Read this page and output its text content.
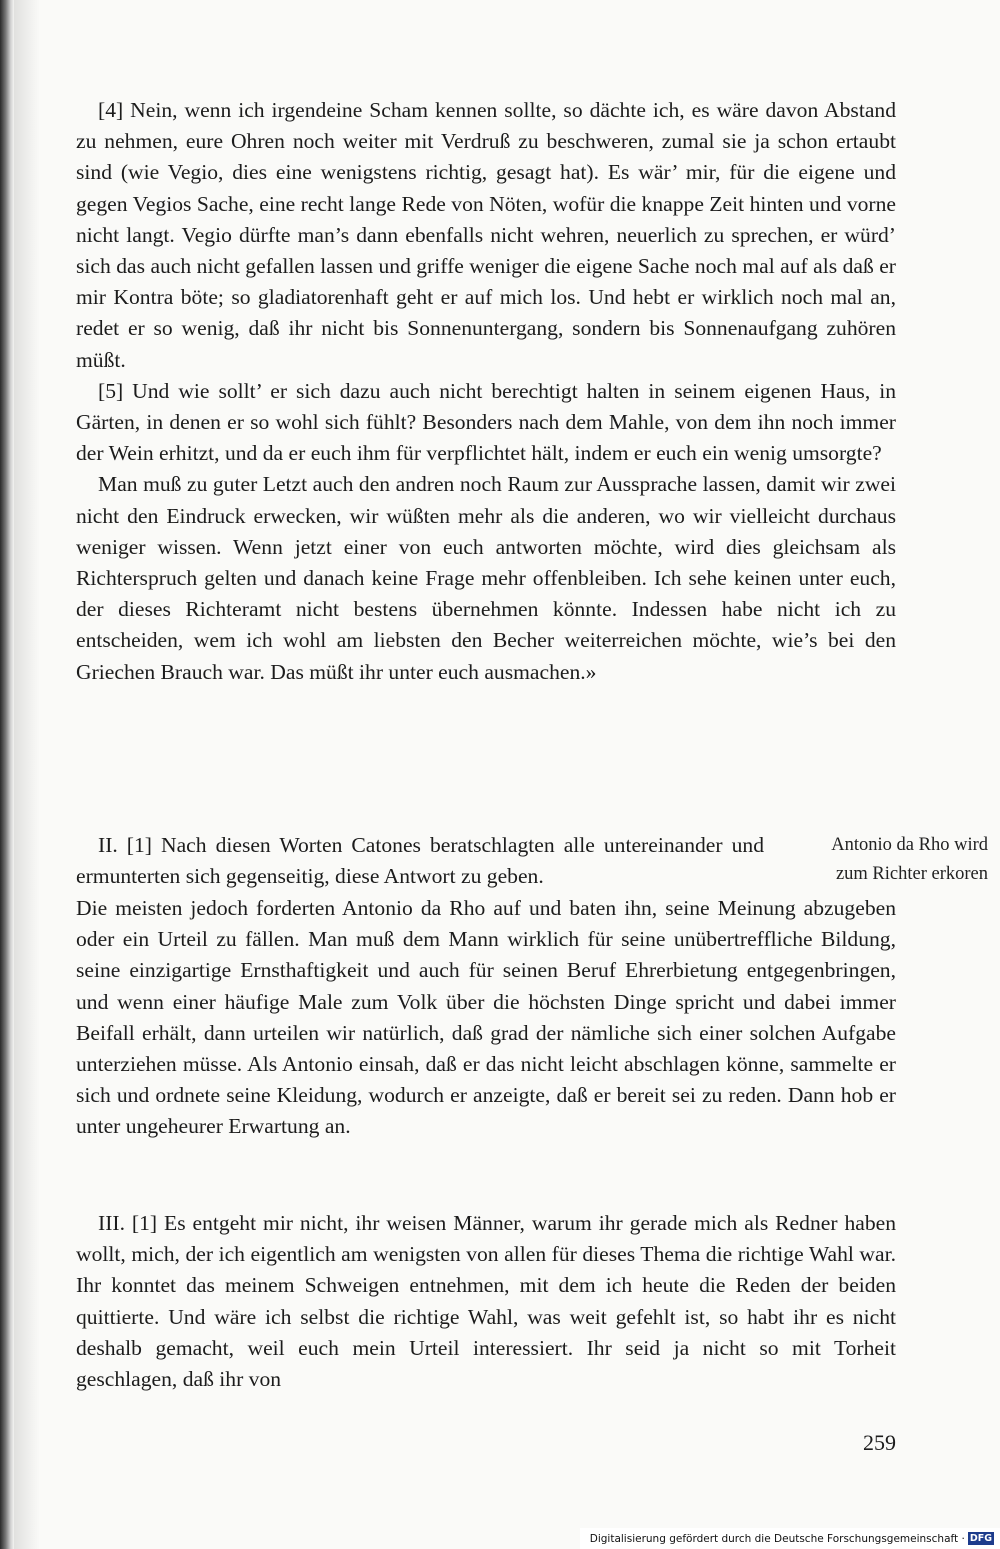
[4] Nein, wenn ich irgendeine Scham kennen sollte, so dächte ich, es wäre davon Abstand zu nehmen, eure Ohren noch weiter mit Verdruß zu beschweren, zumal sie ja schon ertaubt sind (wie Vegio, dies eine wenigstens richtig, gesagt hat). Es wär’ mir, für die eigene und gegen Vegios Sache, eine recht lange Rede von Nöten, wofür die knappe Zeit hinten und vorne nicht langt. Vegio dürfte man’s dann ebenfalls nicht wehren, neuerlich zu sprechen, er würd’ sich das auch nicht gefallen lassen und griffe weniger die eigene Sache noch mal auf als daß er mir Kontra böte; so gladiatorenhaft geht er auf mich los. Und hebt er wirklich noch mal an, redet er so wenig, daß ihr nicht bis Sonnenuntergang, sondern bis Sonnenaufgang zuhören müßt.

[5] Und wie sollt’ er sich dazu auch nicht berechtigt halten in seinem eigenen Haus, in Gärten, in denen er so wohl sich fühlt? Besonders nach dem Mahle, von dem ihn noch immer der Wein erhitzt, und da er euch ihm für verpflichtet hält, indem er euch ein wenig umsorgte?

Man muß zu guter Letzt auch den andren noch Raum zur Aussprache lassen, damit wir zwei nicht den Eindruck erwecken, wir wüßten mehr als die anderen, wo wir vielleicht durchaus weniger wissen. Wenn jetzt einer von euch antworten möchte, wird dies gleichsam als Richterspruch gelten und danach keine Frage mehr offenbleiben. Ich sehe keinen unter euch, der dieses Richteramt nicht bestens übernehmen könnte. Indessen habe nicht ich zu entscheiden, wem ich wohl am liebsten den Becher weiterreichen möchte, wie’s bei den Griechen Brauch war. Das müßt ihr unter euch ausmachen.»

II. [1] Nach diesen Worten Catones beratschlagten alle untereinander und ermunterten sich gegenseitig, diese Antwort zu geben.

Antonio da Rho wird
zum Richter erkoren

Die meisten jedoch forderten Antonio da Rho auf und baten ihn, seine Meinung abzugeben oder ein Urteil zu fällen. Man muß dem Mann wirklich für seine unübertreffliche Bildung, seine einzigartige Ernsthaftigkeit und auch für seinen Beruf Ehrerbietung entgegenbringen, und wenn einer häufige Male zum Volk über die höchsten Dinge spricht und dabei immer Beifall erhält, dann urteilen wir natürlich, daß grad der nämliche sich einer solchen Aufgabe unterziehen müsse. Als Antonio einsah, daß er das nicht leicht abschlagen könne, sammelte er sich und ordnete seine Kleidung, wodurch er anzeigte, daß er bereit sei zu reden. Dann hob er unter ungeheurer Erwartung an.

III. [1] Es entgeht mir nicht, ihr weisen Männer, warum ihr gerade mich als Redner haben wollt, mich, der ich eigentlich am wenigsten von allen für dieses Thema die richtige Wahl war. Ihr konntet das meinem Schweigen entnehmen, mit dem ich heute die Reden der beiden quittierte. Und wäre ich selbst die richtige Wahl, was weit gefehlt ist, so habt ihr es nicht deshalb gemacht, weil euch mein Urteil interessiert. Ihr seid ja nicht so mit Torheit geschlagen, daß ihr von

259
Digitalisierung gefördert durch die Deutsche Forschungsgemeinschaft · DFG
